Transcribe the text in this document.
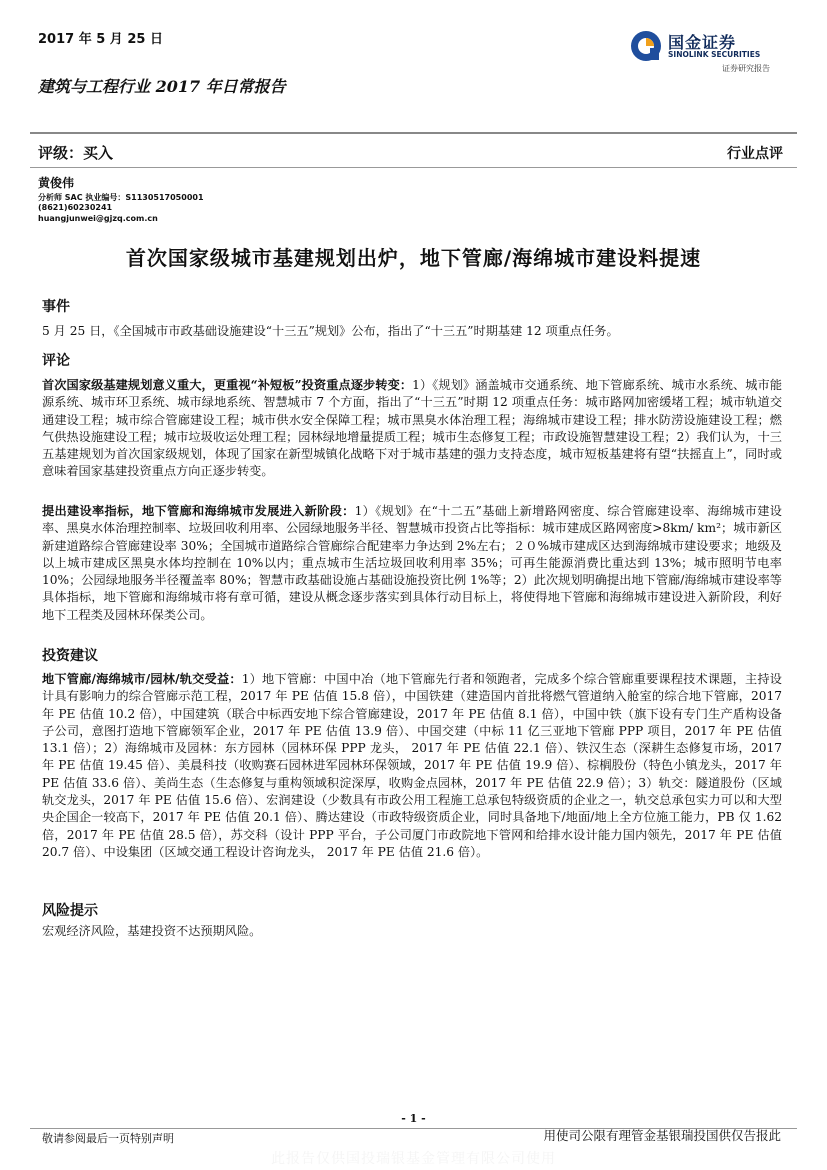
2017 年 5 月 25 日
建筑与工程行业 2017 年日常报告
国金证券
SINOLINK SECURITIES
证券研究报告
评级：买入	行业点评
黄俊伟
分析师 SAC 执业编号：S1130517050001
(8621)60230241
huangjunwei@gjzq.com.cn
首次国家级城市基建规划出炉，地下管廊/海绵城市建设料提速
事件
5 月 25 日，《全国城市市政基础设施建设“十三五”规划》公布，指出了“十三五”时期基建 12 项重点任务。
评论
首次国家级基建规划意义重大，更重视“补短板”投资重点逐步转变：1）《规划》涵盖城市交通系统、地下管廊系统、城市水系统、城市能源系统、城市环卫系统、城市绿地系统、智慧城市 7 个方面，指出了“十三五”时期 12 项重点任务：城市路网加密缓堵工程；城市轨道交通建设工程；城市综合管廊建设工程；城市供水安全保障工程；城市黑臭水体治理工程；海绵城市建设工程；排水防涝设施建设工程；燃气供热设施建设工程；城市垃圾收运处理工程；园林绿地增量提质工程；城市生态修复工程；市政设施智慧建设工程；2）我们认为，十三五基建规划为首次国家级规划，体现了国家在新型城镇化战略下对于城市基建的强力支持态度，城市短板基建将有望“扶摇直上”，同时或意味着国家基建投资重点方向正逐步转变。
提出建设率指标，地下管廊和海绵城市发展进入新阶段：1）《规划》在“十二五”基础上新增路网密度、综合管廊建设率、海绵城市建设率、黑臭水体治理控制率、垃圾回收利用率、公园绿地服务半径、智慧城市投资占比等指标：城市建成区路网密度>8km/ km²；城市新区新建道路综合管廊建设率 30%；全国城市道路综合管廊综合配建率力争达到 2%左右；２０%城市建成区达到海绵城市建设要求；地级及以上城市建成区黑臭水体均控制在 10%以内；重点城市生活垃圾回收利用率 35%；可再生能源消费比重达到 13%；城市照明节电率 10%；公园绿地服务半径覆盖率 80%；智慧市政基础设施占基础设施投资比例 1%等；2）此次规划明确提出地下管廊/海绵城市建设率等具体指标，地下管廊和海绵城市将有章可循，建设从概念逐步落实到具体行动目标上，将使得地下管廊和海绵城市建设进入新阶段，利好地下工程类及园林环保类公司。
投资建议
地下管廊/海绵城市/园林/轨交受益：1）地下管廊：中国中冶（地下管廊先行者和领跑者，完成多个综合管廊重要课程技术课题，主持设计具有影响力的综合管廊示范工程，2017 年 PE 估值 15.8 倍），中国铁建（建造国内首批将燃气管道纳入舱室的综合地下管廊，2017 年 PE 估值 10.2 倍），中国建筑（联合中标西安地下综合管廊建设，2017 年 PE 估值 8.1 倍），中国中铁（旗下设有专门生产盾构设备子公司，意图打造地下管廊领军企业，2017 年 PE 估值 13.9 倍）、中国交建（中标 11 亿三亚地下管廊 PPP 项目，2017 年 PE 估值 13.1 倍）；2）海绵城市及园林：东方园林（园林环保 PPP 龙头， 2017 年 PE 估值 22.1 倍）、铁汉生态（深耕生态修复市场，2017 年 PE 估值 19.45 倍）、美晨科技（收购赛石园林进军园林环保领域，2017 年 PE 估值 19.9 倍）、棕榈股份（特色小镇龙头，2017 年 PE 估值 33.6 倍）、美尚生态（生态修复与重构领域积淀深厚，收购金点园林，2017 年 PE 估值 22.9 倍）；3）轨交：隧道股份（区域轨交龙头，2017 年 PE 估值 15.6 倍）、宏润建设（少数具有市政公用工程施工总承包特级资质的企业之一，轨交总承包实力可以和大型央企国企一较高下，2017 年 PE 估值 20.1 倍）、腾达建设（市政特级资质企业，同时具备地下/地面/地上全方位施工能力，PB 仅 1.62 倍，2017 年 PE 估值 28.5 倍），苏交科（设计 PPP 平台，子公司厦门市政院地下管网和给排水设计能力国内领先，2017 年 PE 估值 20.7 倍）、中设集团（区域交通工程设计咨询龙头， 2017 年 PE 估值 21.6 倍）。
风险提示
宏观经济风险，基建投资不达预期风险。
- 1 -
敬请参阅最后一页特别声明	用使司公限有理管金基银瑞投国供仅告报此
此报告仅供国投瑞银基金管理有限公司使用
